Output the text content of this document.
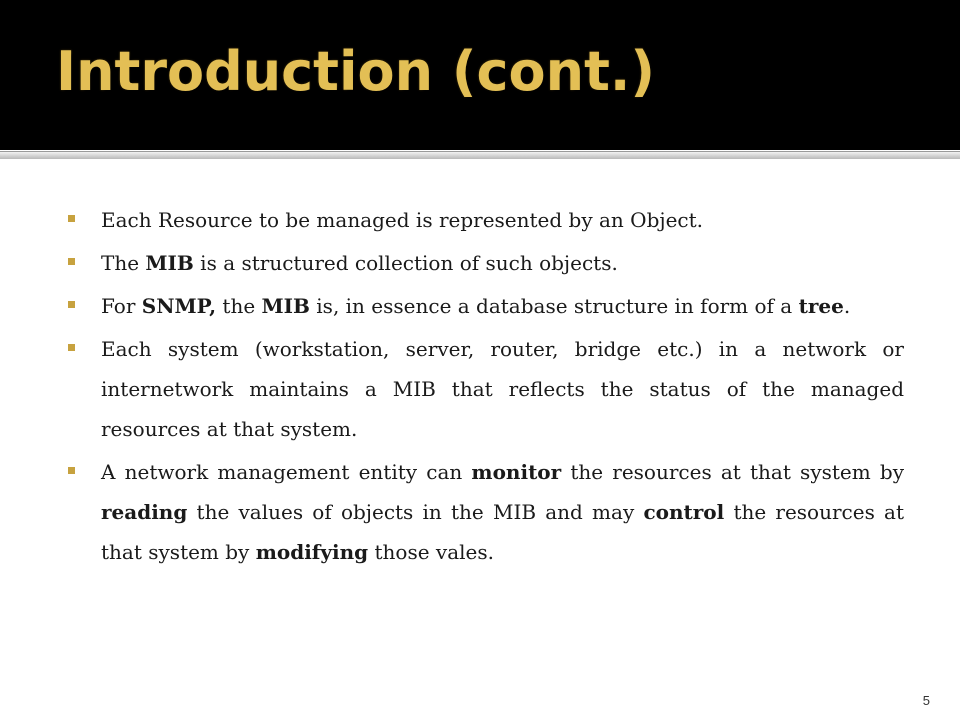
Introduction (cont.)
Each Resource to be managed is represented by an Object.
The MIB is a structured collection of such objects.
For SNMP, the MIB is, in essence a database structure in form of a tree.
Each system (workstation, server, router, bridge etc.) in a network or internetwork maintains a MIB that reflects the status of the managed resources at that system.
A network management entity can monitor the resources at that system by reading the values of objects in the MIB and may control the resources at that system by modifying those vales.
5
